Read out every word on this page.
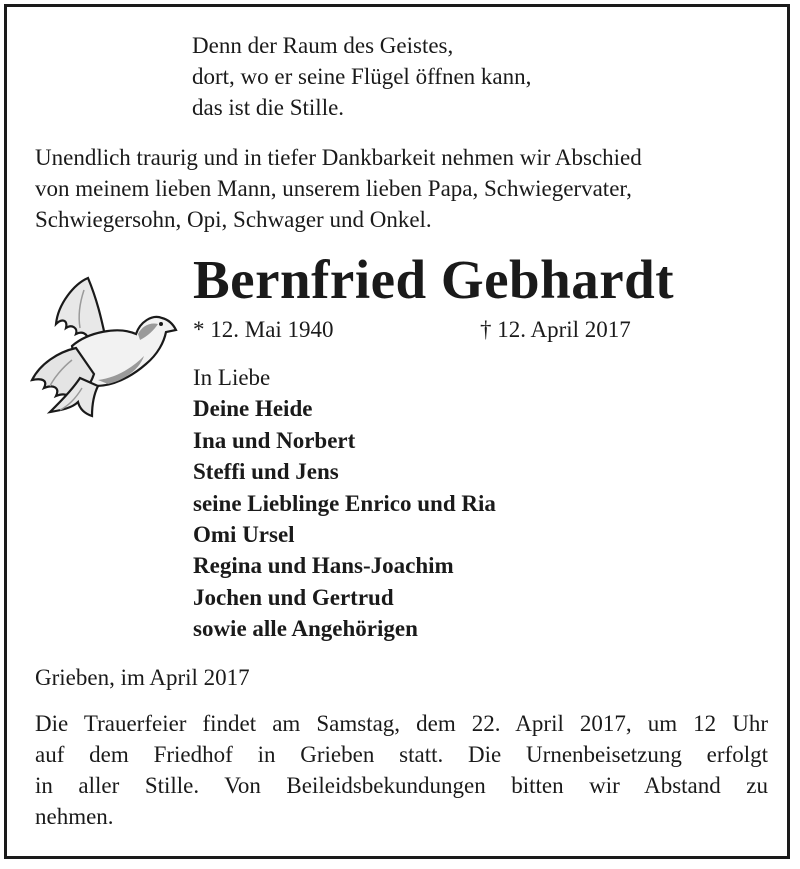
Denn der Raum des Geistes,
dort, wo er seine Flügel öffnen kann,
das ist die Stille.
Unendlich traurig und in tiefer Dankbarkeit nehmen wir Abschied
von meinem lieben Mann, unserem lieben Papa, Schwiegervater,
Schwiegersohn, Opi, Schwager und Onkel.
Bernfried Gebhardt
* 12. Mai 1940	† 12. April 2017
In Liebe
Deine Heide
Ina und Norbert
Steffi und Jens
seine Lieblinge Enrico und Ria
Omi Ursel
Regina und Hans-Joachim
Jochen und Gertrud
sowie alle Angehörigen
Grieben, im April 2017
Die Trauerfeier findet am Samstag, dem 22. April 2017, um 12 Uhr
auf dem Friedhof in Grieben statt. Die Urnenbeisetzung erfolgt
in aller Stille. Von Beileidsbekundungen bitten wir Abstand zu
nehmen.
